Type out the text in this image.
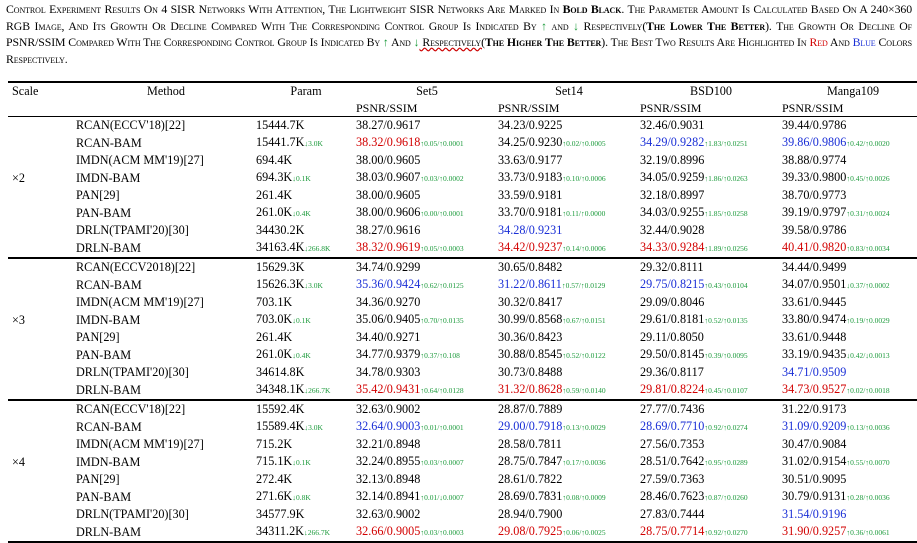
Control Experiment Results On 4 SISR Networks With Attention, The Lightweight SISR Networks Are Marked In Bold Black. The Parameter Amount Is Calculated Based On A 240×360 RGB Image, And Its Growth Or Decline Compared With The Corresponding Control Group Is Indicated By ↑ and ↓ Respectively(The Lower The Better). The Growth Or Decline Of PSNR/SSIM Compared With The Corresponding Control Group Is Indicated By ↑ And ↓ Respectively(The Higher The Better). The Best Two Results Are Highlighted In Red And Blue Colors Respectively.
Scale	Method	Param	Set5	Set14	BSD100	Manga109
			PSNR/SSIM	PSNR/SSIM	PSNR/SSIM	PSNR/SSIM
	RCAN(ECCV'18)[22]	15444.7K	38.27/0.9617	34.23/0.9225	32.46/0.9031	39.44/0.9786
	RCAN-BAM	15441.7K↓3.0K	38.32/0.9618↑0.05/↑0.0001	34.25/0.9230↑0.02/↑0.0005	34.29/0.9282↑1.83/↑0.0251	39.86/0.9806↑0.42/↑0.0020
	IMDN(ACM MM'19)[27]	694.4K	38.00/0.9605	33.63/0.9177	32.19/0.8996	38.88/0.9774
×2	IMDN-BAM	694.3K↓0.1K	38.03/0.9607↑0.03/↑0.0002	33.73/0.9183↑0.10/↑0.0006	34.05/0.9259↑1.86/↑0.0263	39.33/0.9800↑0.45/↑0.0026
	PAN[29]	261.4K	38.00/0.9605	33.59/0.9181	32.18/0.8997	38.70/0.9773
	PAN-BAM	261.0K↓0.4K	38.00/0.9606↑0.00/↑0.0001	33.70/0.9181↑0.11/↑0.0000	34.03/0.9255↑1.85/↑0.0258	39.19/0.9797↑0.31/↑0.0024
	DRLN(TPAMI'20)[30]	34430.2K	38.27/0.9616	34.28/0.9231	32.44/0.9028	39.58/0.9786
	DRLN-BAM	34163.4K↓266.8K	38.32/0.9619↑0.05/↑0.0003	34.42/0.9237↑0.14/↑0.0006	34.33/0.9284↑1.89/↑0.0256	40.41/0.9820↑0.83/↑0.0034
	RCAN(ECCV2018)[22]	15629.3K	34.74/0.9299	30.65/0.8482	29.32/0.8111	34.44/0.9499
	RCAN-BAM	15626.3K↓3.0K	35.36/0.9424↑0.62/↑0.0125	31.22/0.8611↑0.57/↑0.0129	29.75/0.8215↑0.43/↑0.0104	34.07/0.9501↓0.37/↑0.0002
	IMDN(ACM MM'19)[27]	703.1K	34.36/0.9270	30.32/0.8417	29.09/0.8046	33.61/0.9445
×3	IMDN-BAM	703.0K↓0.1K	35.06/0.9405↑0.70/↑0.0135	30.99/0.8568↑0.67/↑0.0151	29.61/0.8181↑0.52/↑0.0135	33.80/0.9474↑0.19/↑0.0029
	PAN[29]	261.4K	34.40/0.9271	30.36/0.8423	29.11/0.8050	33.61/0.9448
	PAN-BAM	261.0K↓0.4K	34.77/0.9379↑0.37/↑0.108	30.88/0.8545↑0.52/↑0.0122	29.50/0.8145↑0.39/↑0.0095	33.19/0.9435↓0.42/↓0.0013
	DRLN(TPAMI'20)[30]	34614.8K	34.78/0.9303	30.73/0.8488	29.36/0.8117	34.71/0.9509
	DRLN-BAM	34348.1K↓266.7K	35.42/0.9431↑0.64/↑0.0128	31.32/0.8628↑0.59/↑0.0140	29.81/0.8224↑0.45/↑0.0107	34.73/0.9527↑0.02/↑0.0018
	RCAN(ECCV'18)[22]	15592.4K	32.63/0.9002	28.87/0.7889	27.77/0.7436	31.22/0.9173
	RCAN-BAM	15589.4K↓3.0K	32.64/0.9003↑0.01/↑0.0001	29.00/0.7918↑0.13/↑0.0029	28.69/0.7710↑0.92/↑0.0274	31.09/0.9209↑0.13/↑0.0036
	IMDN(ACM MM'19)[27]	715.2K	32.21/0.8948	28.58/0.7811	27.56/0.7353	30.47/0.9084
×4	IMDN-BAM	715.1K↓0.1K	32.24/0.8955↑0.03/↑0.0007	28.75/0.7847↑0.17/↑0.0036	28.51/0.7642↑0.95/↑0.0289	31.02/0.9154↑0.55/↑0.0070
	PAN[29]	272.4K	32.13/0.8948	28.61/0.7822	27.59/0.7363	30.51/0.9095
	PAN-BAM	271.6K↓0.8K	32.14/0.8941↑0.01/↓0.0007	28.69/0.7831↑0.08/↑0.0009	28.46/0.7623↑0.87/↑0.0260	30.79/0.9131↑0.28/↑0.0036
	DRLN(TPAMI'20)[30]	34577.9K	32.63/0.9002	28.94/0.7900	27.83/0.7444	31.54/0.9196
	DRLN-BAM	34311.2K↓266.7K	32.66/0.9005↑0.03/↑0.0003	29.08/0.7925↑0.06/↑0.0025	28.75/0.7714↑0.92/↑0.0270	31.90/0.9257↑0.36/↑0.0061
